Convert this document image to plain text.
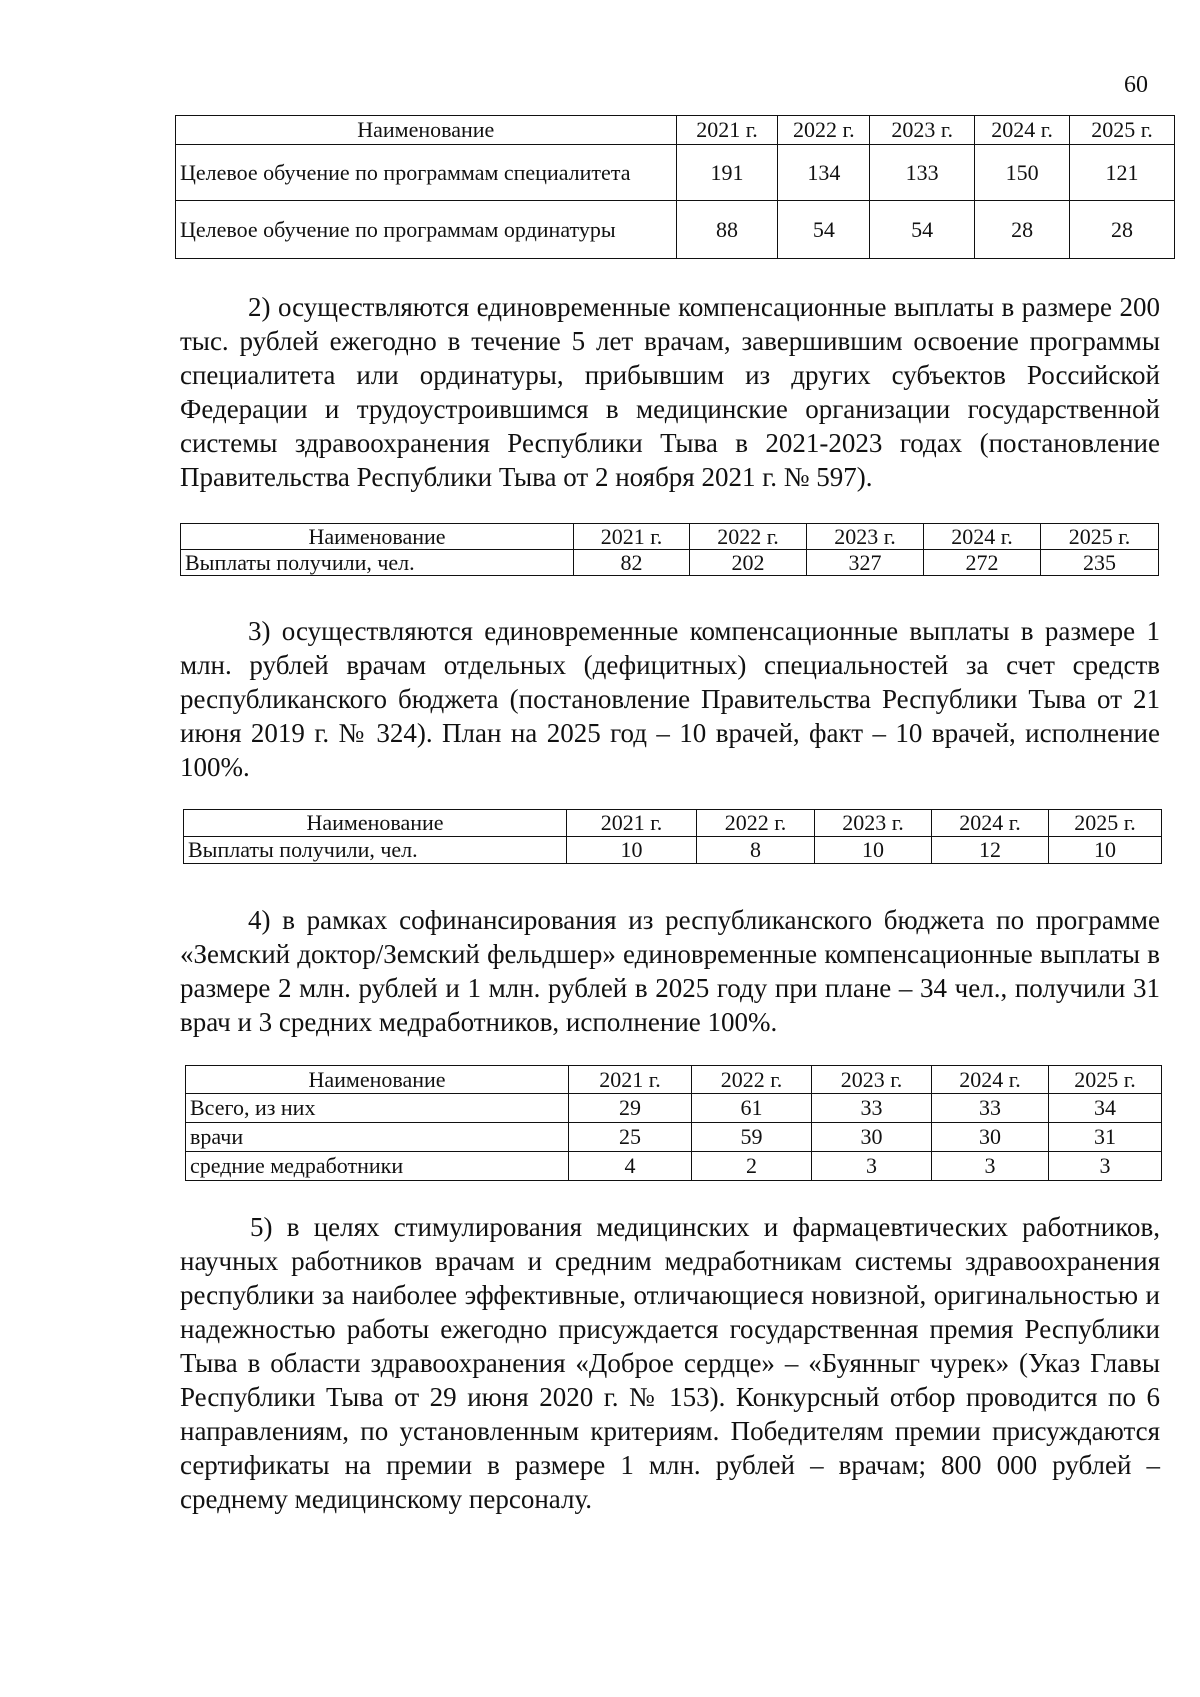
60
Наименование	2021 г.	2022 г.	2023 г.	2024 г.	2025 г.
Целевое обучение по программам специалитета	191	134	133	150	121
Целевое обучение по программам ординатуры	88	54	54	28	28

2) осуществляются единовременные компенсационные выплаты в размере 200 тыс. рублей ежегодно в течение 5 лет врачам, завершившим освоение программы специалитета или ординатуры, прибывшим из других субъектов Российской Федерации и трудоустроившимся в медицинские организации государственной системы здравоохранения Республики Тыва в 2021-2023 годах (постановление Правительства Республики Тыва от 2 ноября 2021 г. № 597).

Наименование	2021 г.	2022 г.	2023 г.	2024 г.	2025 г.
Выплаты получили, чел.	82	202	327	272	235

3) осуществляются единовременные компенсационные выплаты в размере 1 млн. рублей врачам отдельных (дефицитных) специальностей за счет средств республиканского бюджета (постановление Правительства Республики Тыва от 21 июня 2019 г. № 324). План на 2025 год – 10 врачей, факт – 10 врачей, исполнение 100%.

Наименование	2021 г.	2022 г.	2023 г.	2024 г.	2025 г.
Выплаты получили, чел.	10	8	10	12	10

4) в рамках софинансирования из республиканского бюджета по программе «Земский доктор/Земский фельдшер» единовременные компенсационные выплаты в размере 2 млн. рублей и 1 млн. рублей в 2025 году при плане – 34 чел., получили 31 врач и 3 средних медработников, исполнение 100%.

Наименование	2021 г.	2022 г.	2023 г.	2024 г.	2025 г.
Всего, из них	29	61	33	33	34
врачи	25	59	30	30	31
средние медработники	4	2	3	3	3

5) в целях стимулирования медицинских и фармацевтических работников, научных работников врачам и средним медработникам системы здравоохранения республики за наиболее эффективные, отличающиеся новизной, оригинальностью и надежностью работы ежегодно присуждается государственная премия Республики Тыва в области здравоохранения «Доброе сердце» – «Буянныг чурек» (Указ Главы Республики Тыва от 29 июня 2020 г. № 153). Конкурсный отбор проводится по 6 направлениям, по установленным критериям. Победителям премии присуждаются сертификаты на премии в размере 1 млн. рублей – врачам; 800 000 рублей – среднему медицинскому персоналу.
